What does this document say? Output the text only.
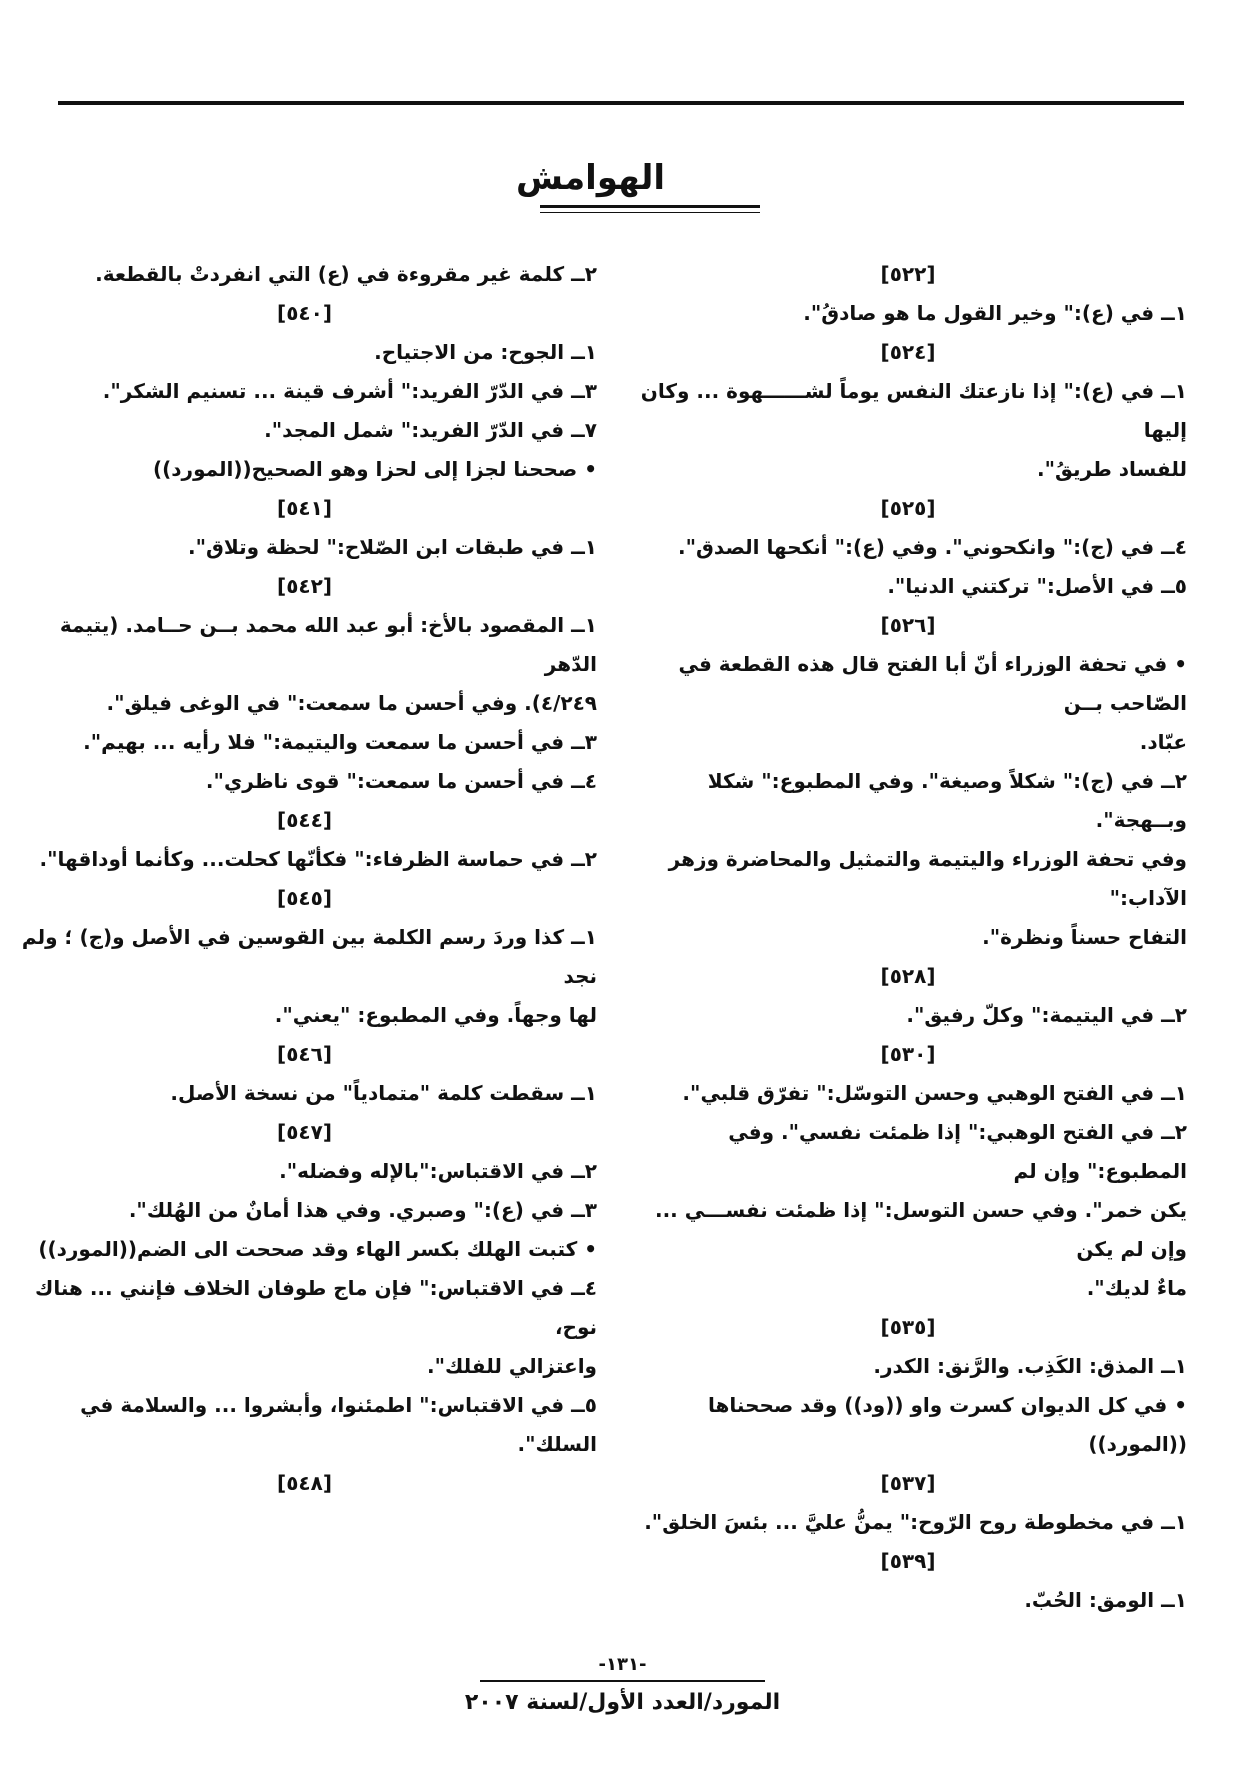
الهوامش

[٥٢٢]

١ــ في (ع):" وخير القول ما هو صادقُ".

[٥٢٤]

١ــ في (ع):" إذا نازعتك النفس يوماً لشــــــهوة ... وكان إليها

للفساد طريقُ".

[٥٢٥]

٤ــ في (ج):" وانكحوني". وفي (ع):" أنكحها الصدق".

٥ــ في الأصل:" تركتني الدنيا".

[٥٢٦]

• في تحفة الوزراء أنّ أبا الفتح قال هذه القطعة في الصّاحب بــن

عبّاد.

٢ــ في (ج):" شكلاً وصيغة". وفي المطبوع:" شكلا وبــهجة".

وفي تحفة الوزراء واليتيمة والتمثيل والمحاضرة وزهر الآداب:"

التفاح حسناً ونظرة".

[٥٢٨]

٢ــ في اليتيمة:" وكلّ رفيق".

[٥٣٠]

١ــ في الفتح الوهبي وحسن التوسّل:" تفرّق قلبي".

٢ــ في الفتح الوهبي:" إذا ظمئت نفسي". وفي المطبوع:" وإن لم

يكن خمر". وفي حسن التوسل:" إذا ظمئت نفســـي ... وإن لم يكن

ماءٌ لديك".

[٥٣٥]

١ــ المذق: الكَذِب. والرَّنق: الكدر.

• في كل الديوان كسرت واو ((ود)) وقد صححناها ((المورد))

[٥٣٧]

١ــ في مخطوطة روح الرّوح:" يمنُّ عليَّ ... بئسَ الخلق".

[٥٣٩]

١ــ الومق: الحُبّ.

٢ــ كلمة غير مقروءة في (ع) التي انفردتْ بالقطعة.

[٥٤٠]

١ــ الجوح: من الاجتياح.

٣ــ في الدّرّ الفريد:" أشرف قينة ... تسنيم الشكر".

٧ــ في الدّرّ الفريد:" شمل المجد".

• صححنا لجزا إلى لحزا وهو الصحيح((المورد))

[٥٤١]

١ــ في طبقات ابن الصّلاح:" لحظة وتلاق".

[٥٤٢]

١ــ المقصود بالأخ: أبو عبد الله محمد بــن حــامد. (يتيمة الدّهر

٤/٢٤٩). وفي أحسن ما سمعت:" في الوغى فيلق".

٣ــ في أحسن ما سمعت واليتيمة:" فلا رأيه ... بهيم".

٤ــ في أحسن ما سمعت:" قوى ناظري".

[٥٤٤]

٢ــ في حماسة الظرفاء:" فكأنّها كحلت... وكأنما أوداقها".

[٥٤٥]

١ــ كذا وردَ رسم الكلمة بين القوسين في الأصل و(ج) ؛ ولم نجد

لها وجهاً. وفي المطبوع: "يعني".

[٥٤٦]

١ــ سقطت كلمة "متمادياً" من نسخة الأصل.

[٥٤٧]

٢ــ في الاقتباس:"بالإله وفضله".

٣ــ في (ع):" وصبري. وفي هذا أمانٌ من الهُلك".

• كتبت الهلك بكسر الهاء وقد صححت الى الضم((المورد))

٤ــ في الاقتباس:" فإن ماج طوفان الخلاف فإنني ... هناك نوح،

واعتزالي للفلك".

٥ــ في الاقتباس:" اطمئنوا، وأبشروا ... والسلامة في السلك".

[٥٤٨]

-١٣١-
المورد/العدد الأول/لسنة ٢٠٠٧
